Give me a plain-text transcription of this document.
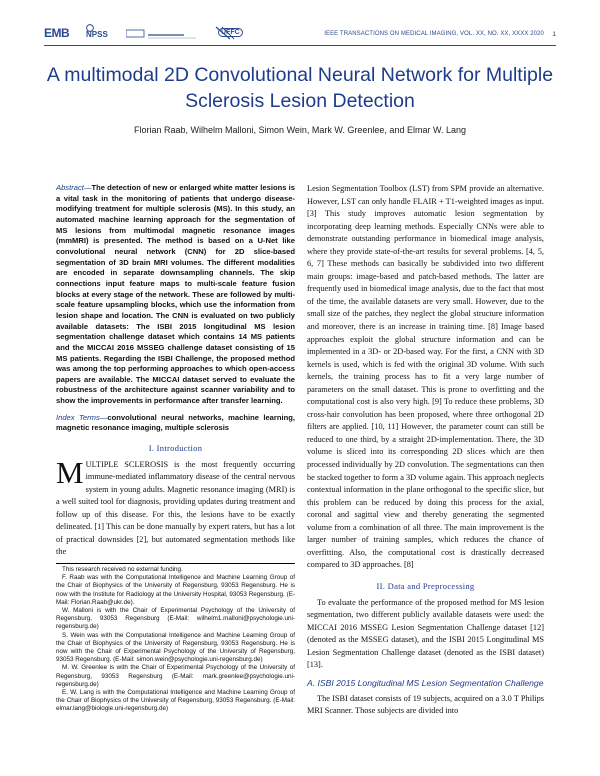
EMB NPSS	UFFC	IEEE TRANSACTIONS ON MEDICAL IMAGING, VOL. XX, NO. XX, XXXX 2020 1
A multimodal 2D Convolutional Neural Network for Multiple Sclerosis Lesion Detection
Florian Raab, Wilhelm Malloni, Simon Wein, Mark W. Greenlee, and Elmar W. Lang
Abstract—The detection of new or enlarged white matter lesions is a vital task in the monitoring of patients that undergo disease-modifying treatment for multiple sclerosis (MS). In this study, an automated machine learning approach for the segmentation of MS lesions from multimodal magnetic resonance images (mmMRI) is presented. The method is based on a U-Net like convolutional neural network (CNN) for 2D slice-based segmentation of 3D brain MRI volumes. The different modalities are encoded in separate downsampling channels. The skip connections input feature maps to multi-scale feature fusion blocks at every stage of the network. These are followed by multi-scale feature upsampling blocks, which use the information from lesion shape and location. The CNN is evaluated on two publicly available datasets: The ISBI 2015 longitudinal MS lesion segmentation challenge dataset which contains 14 MS patients and the MICCAI 2016 MSSEG challenge dataset consisting of 15 MS patients. Regarding the ISBI Challenge, the proposed method was among the top performing approaches to which open-access papers are available. The MICCAI dataset served to evaluate the robustness of the architecture against scanner variability and to show the improvements in performance after transfer learning.
Index Terms—convolutional neural networks, machine learning, magnetic resonance imaging, multiple sclerosis
I. Introduction
MULTIPLE SCLEROSIS is the most frequently occurring immune-mediated inflammatory disease of the central nervous system in young adults. Magnetic resonance imaging (MRI) is a well suited tool for diagnosis, providing updates during treatment and follow up of this disease. For this, the lesions have to be exactly delineated. [1] This can be done manually by expert raters, but has a lot of practical downsides [2], but automated segmentation methods like the
This research received no external funding.
F. Raab was with the Computational Intelligence and Machine Learning Group of the Chair of Biophysics of the University of Regensburg, 93053 Regensburg. He is now with the Institute for Radiology at the University Hospital, 93053 Regensburg. (E-Mail: Florian.Raab@ukr.de).
W. Malloni is with the Chair of Experimental Psychology of the University of Regensburg, 93053 Regensburg (E-Mail: wilhelm1.malloni@psychologie.uni-regensburg.de)
S. Wein was with the Computational Intelligence and Machine Learning Group of the Chair of Biophysics of the University of Regensburg, 93053 Regensburg. He is now with the Chair of Experimental Psychology of the University of Regensburg, 93053 Regensburg. (E-Mail: simon.wein@psychologie.uni-regensburg.de)
M. W. Greenlee is with the Chair of Experimental Psychology of the University of Regensburg, 93053 Regensburg (E-Mail: mark.greenlee@psychologie.uni-regensburg.de)
E. W. Lang is with the Computational Intelligence and Machine Learning Group of the Chair of Biophysics of the University of Regensburg, 93053 Regensburg. (E-Mail: elmar.lang@biologie.uni-regensburg.de)
Lesion Segmentation Toolbox (LST) from SPM provide an alternative. However, LST can only handle FLAIR + T1-weighted images as input. [3] This study improves automatic lesion segmentation by incorporating deep learning methods. Especially CNNs were able to demonstrate outstanding performance in biomedical image analysis, where they provide state-of-the-art results for several problems. [4, 5, 6, 7] These methods can basically be subdivided into two different main groups: image-based and patch-based methods. The latter are frequently used in biomedical image analysis, due to the fact that most of the time, the available datasets are very small. However, due to the small size of the patches, they neglect the global structure information and moreover, there is an increase in training time. [8] Image based approaches exploit the global structure information and can be implemented in a 3D- or 2D-based way. For the first, a CNN with 3D kernels is used, which is fed with the original 3D volume. With such kernels, the training process has to fit a very large number of parameters on the small dataset. This is prone to overfitting and the computational cost is also very high. [9] To reduce these problems, 3D cross-hair convolution has been proposed, where three orthogonal 2D filters are applied. [10, 11] However, the parameter count can still be reduced to one third, by a straight 2D-implementation. There, the 3D volume is sliced into its corresponding 2D slices which are then processed individually by 2D convolution. The segmentations can then be stacked together to form a 3D volume again. This approach neglects contextual information in the plane orthogonal to the specific slice, but this problem can be reduced by doing this process for the axial, coronal and sagittal view and thereby generating the segmented volume from a combination of all three. The main improvement is the larger number of training samples, which reduces the chance of overfitting. Also, the computational cost is drastically decreased compared to 3D approaches. [8]
II. Data and Preprocessing
To evaluate the performance of the proposed method for MS lesion segmentation, two different publicly available datasets were used: the MICCAI 2016 MSSEG Lesion Segmentation Challenge dataset [12] (denoted as the MSSEG dataset), and the ISBI 2015 Longitudinal MS Lesion Segmentation Challenge dataset (denoted as the ISBI dataset) [13].
A. ISBI 2015 Longitudinal MS Lesion Segmentation Challenge
The ISBI dataset consists of 19 subjects, acquired on a 3.0 T Philips MRI Scanner. Those subjects are divided into
